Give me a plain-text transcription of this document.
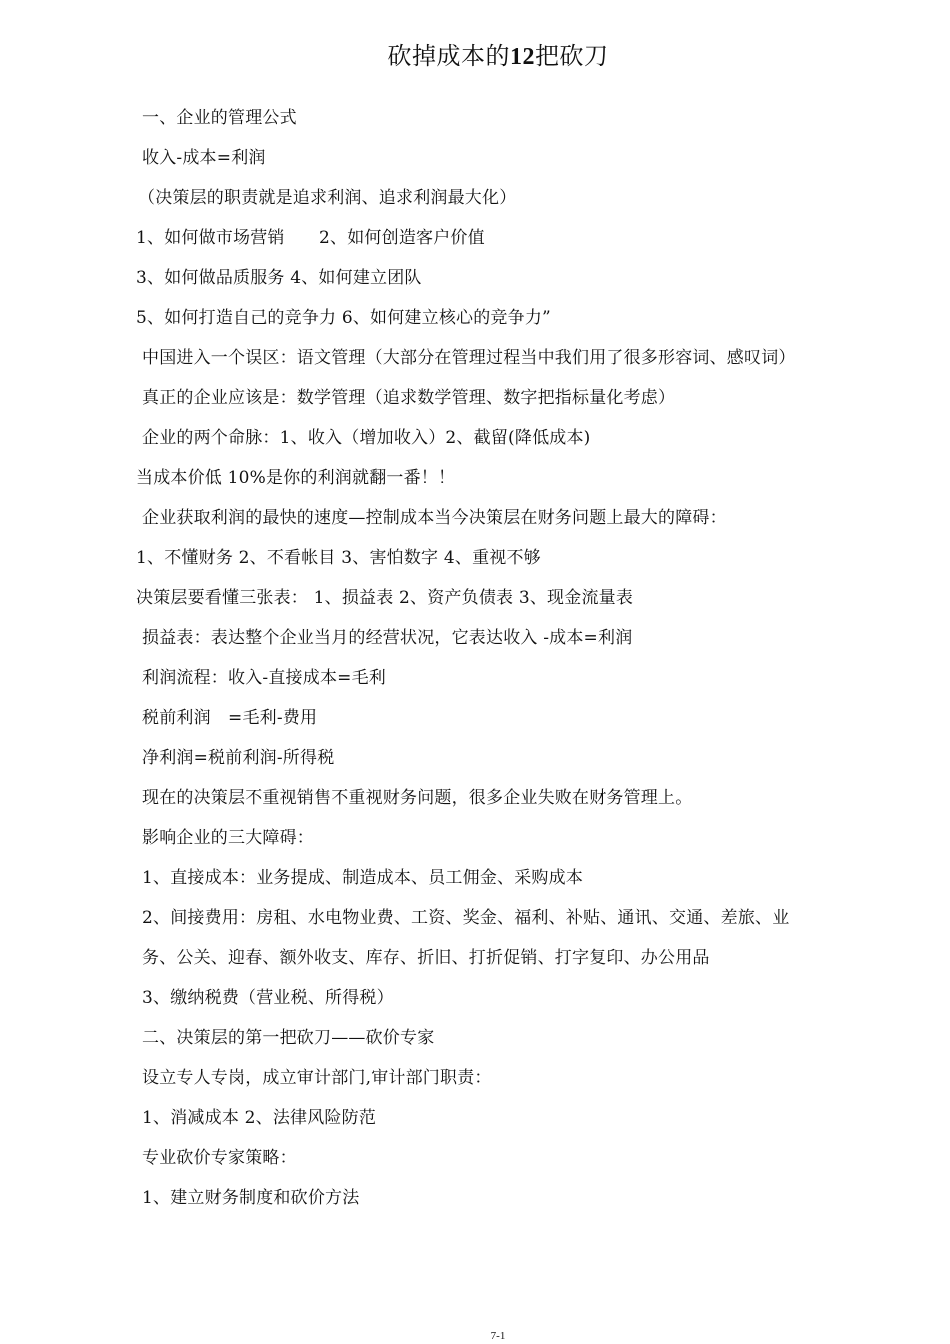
砍掉成本的12把砍刀
一、企业的管理公式
收入-成本=利润
（决策层的职责就是追求利润、追求利润最大化）
1、如何做市场营销　　2、如何创造客户价值
3、如何做品质服务 4、如何建立团队
5、如何打造自己的竞争力 6、如何建立核心的竞争力”
中国进入一个误区：语文管理（大部分在管理过程当中我们用了很多形容词、感叹词）
真正的企业应该是：数学管理（追求数学管理、数字把指标量化考虑）
企业的两个命脉：1、收入（增加收入）2、截留(降低成本)
当成本价低 10%是你的利润就翻一番！！
企业获取利润的最快的速度—控制成本当今决策层在财务问题上最大的障碍：
1、不懂财务 2、不看帐目 3、害怕数字 4、重视不够
决策层要看懂三张表： 1、损益表 2、资产负债表 3、现金流量表
损益表：表达整个企业当月的经营状况，它表达收入 -成本=利润
利润流程：收入-直接成本=毛利
税前利润　=毛利-费用
净利润=税前利润-所得税
现在的决策层不重视销售不重视财务问题，很多企业失败在财务管理上。
影响企业的三大障碍：
1、直接成本：业务提成、制造成本、员工佣金、采购成本
2、间接费用：房租、水电物业费、工资、奖金、福利、补贴、通讯、交通、差旅、业
务、公关、迎春、额外收支、库存、折旧、打折促销、打字复印、办公用品
3、缴纳税费（营业税、所得税）
二、决策层的第一把砍刀——砍价专家
设立专人专岗，成立审计部门,审计部门职责：
1、消减成本 2、法律风险防范
专业砍价专家策略：
1、建立财务制度和砍价方法
7-1
